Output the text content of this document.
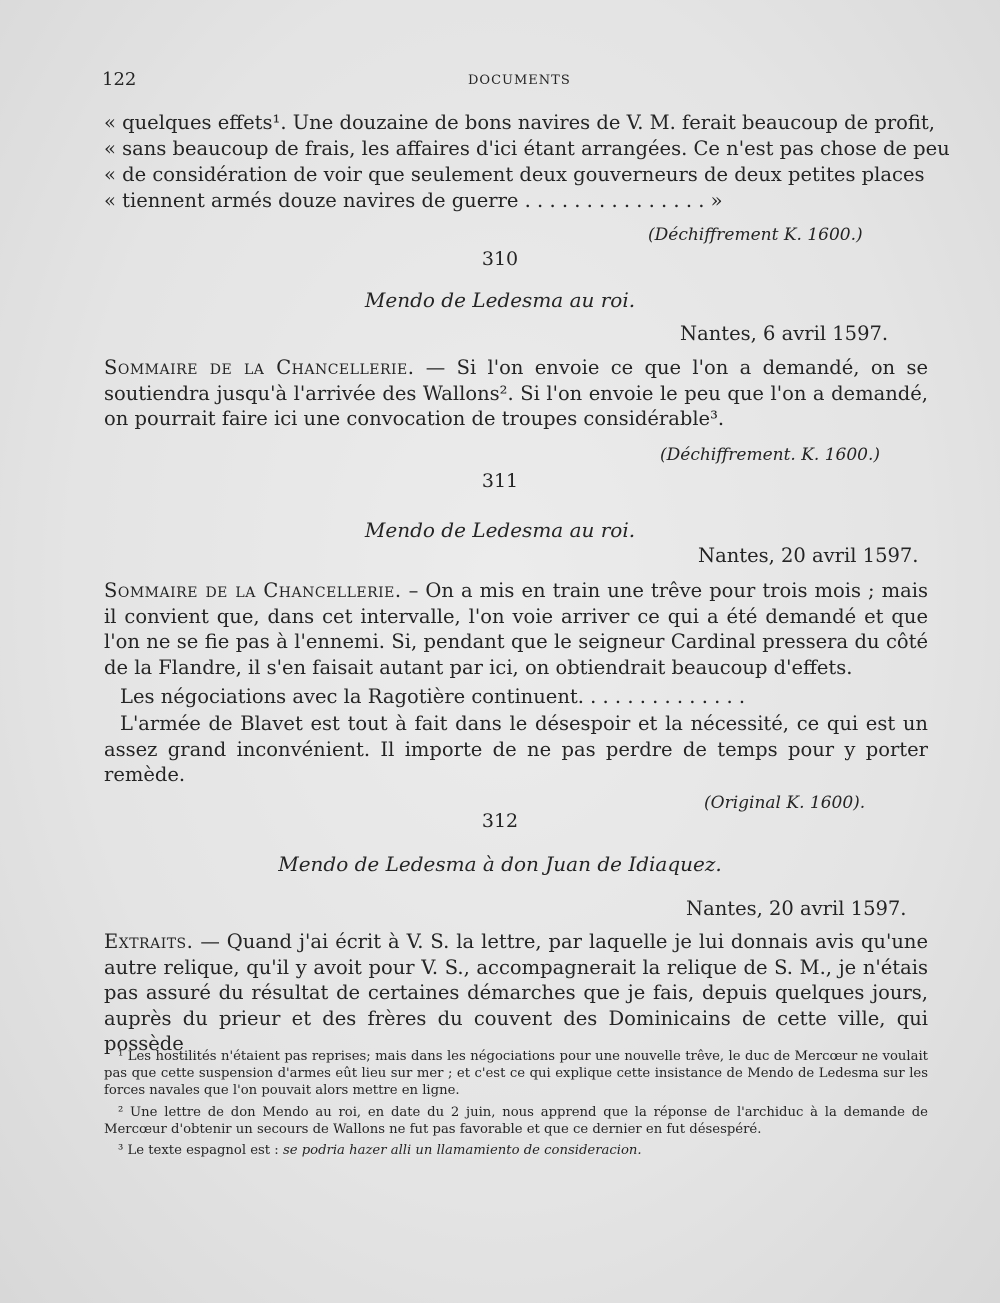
122	DOCUMENTS
« quelques effets¹. Une douzaine de bons navires de V. M. ferait beaucoup de profit,
« sans beaucoup de frais, les affaires d'ici étant arrangées. Ce n'est pas chose de peu
« de considération de voir que seulement deux gouverneurs de deux petites places
« tiennent armés douze navires de guerre . . . . . . . . . . . . . . . »
(Déchiffrement K. 1600.)
310
Mendo de Ledesma au roi.
Nantes, 6 avril 1597.

Sommaire de la Chancellerie. — Si l'on envoie ce que l'on a demandé, on se soutiendra jusqu'à l'arrivée des Wallons². Si l'on envoie le peu que l'on a demandé, on pourrait faire ici une convocation de troupes considérable³.

(Déchiffrement. K. 1600.)
311
Mendo de Ledesma au roi.
Nantes, 20 avril 1597.

Sommaire de la Chancellerie. – On a mis en train une trêve pour trois mois ; mais il convient que, dans cet intervalle, l'on voie arriver ce qui a été demandé et que l'on ne se fie pas à l'ennemi. Si, pendant que le seigneur Cardinal pressera du côté de la Flandre, il s'en faisait autant par ici, on obtiendrait beaucoup d'effets.

Les négociations avec la Ragotière continuent. . . . . . . . . . . . . .

L'armée de Blavet est tout à fait dans le désespoir et la nécessité, ce qui est un assez grand inconvénient. Il importe de ne pas perdre de temps pour y porter remède.

(Original K. 1600).
312
Mendo de Ledesma à don Juan de Idiaquez.
Nantes, 20 avril 1597.

Extraits. — Quand j'ai écrit à V. S. la lettre, par laquelle je lui donnais avis qu'une autre relique, qu'il y avoit pour V. S., accompagnerait la relique de S. M., je n'étais pas assuré du résultat de certaines démarches que je fais, depuis quelques jours, auprès du prieur et des frères du couvent des Dominicains de cette ville, qui possède

¹ Les hostilités n'étaient pas reprises; mais dans les négociations pour une nouvelle trêve, le duc de Mercœur ne voulait pas que cette suspension d'armes eût lieu sur mer ; et c'est ce qui explique cette insistance de Mendo de Ledesma sur les forces navales que l'on pouvait alors mettre en ligne.

² Une lettre de don Mendo au roi, en date du 2 juin, nous apprend que la réponse de l'archiduc à la demande de Mercœur d'obtenir un secours de Wallons ne fut pas favorable et que ce dernier en fut désespéré.

³ Le texte espagnol est : se podria hazer alli un llamamiento de consideracion.
